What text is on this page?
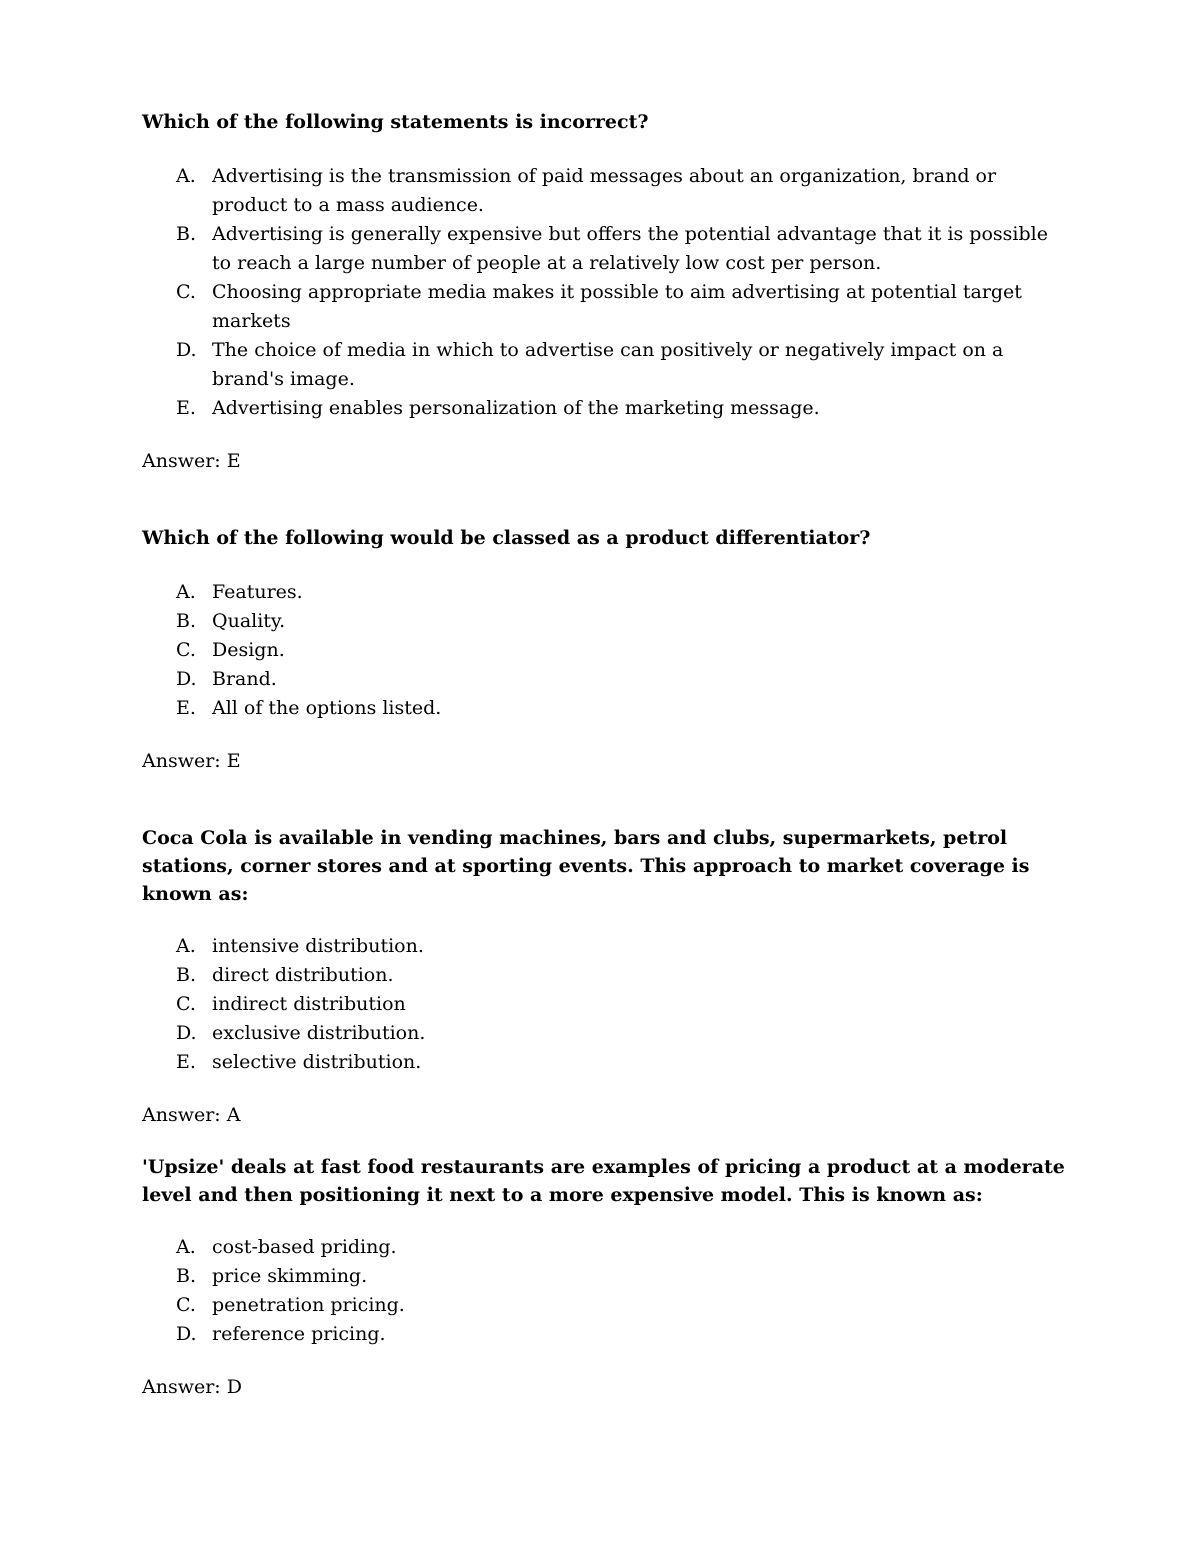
Which of the following statements is incorrect?

A. Advertising is the transmission of paid messages about an organization, brand or product to a mass audience.
B. Advertising is generally expensive but offers the potential advantage that it is possible to reach a large number of people at a relatively low cost per person.
C. Choosing appropriate media makes it possible to aim advertising at potential target markets
D. The choice of media in which to advertise can positively or negatively impact on a brand's image.
E. Advertising enables personalization of the marketing message.

Answer: E

Which of the following would be classed as a product differentiator?

A. Features.
B. Quality.
C. Design.
D. Brand.
E. All of the options listed.

Answer: E

Coca Cola is available in vending machines, bars and clubs, supermarkets, petrol stations, corner stores and at sporting events. This approach to market coverage is known as:

A. intensive distribution.
B. direct distribution.
C. indirect distribution
D. exclusive distribution.
E. selective distribution.

Answer: A

'Upsize' deals at fast food restaurants are examples of pricing a product at a moderate level and then positioning it next to a more expensive model. This is known as:

A. cost-based priding.
B. price skimming.
C. penetration pricing.
D. reference pricing.

Answer: D
